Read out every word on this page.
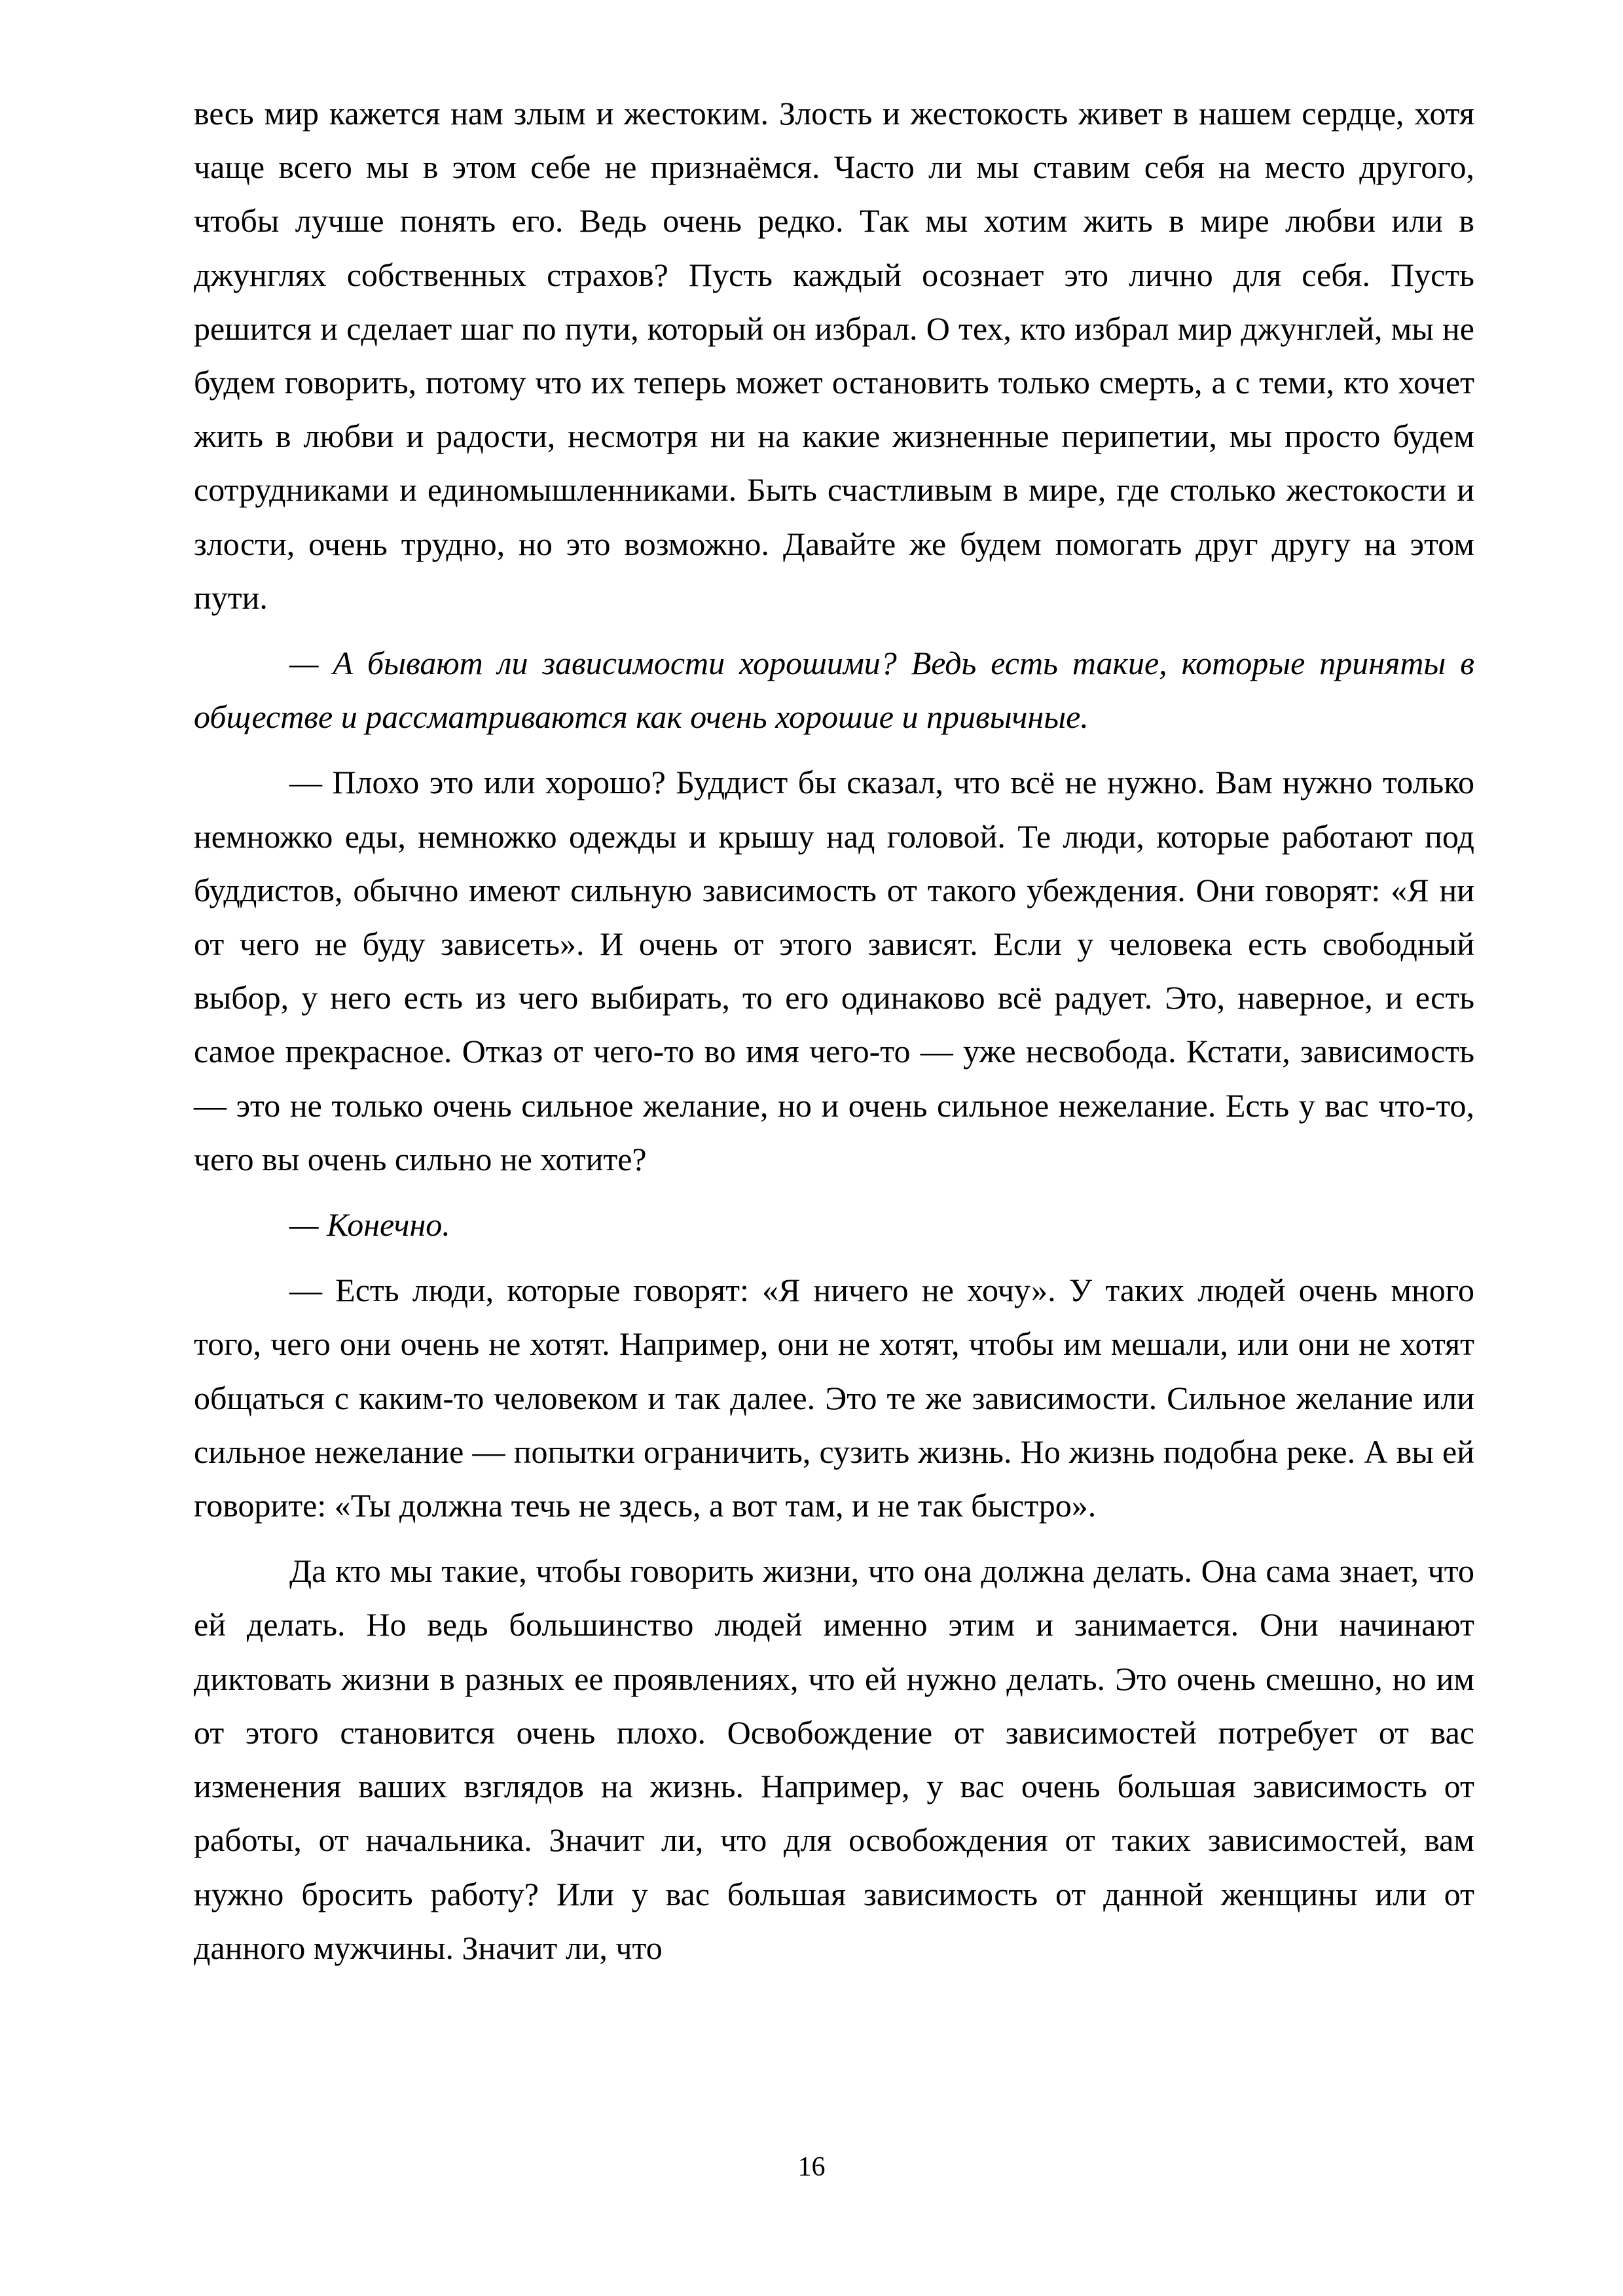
весь мир кажется нам злым и жестоким. Злость и жестокость живет в нашем сердце, хотя чаще всего мы в этом себе не признаёмся. Часто ли мы ставим себя на место другого, чтобы лучше понять его. Ведь очень редко. Так мы хотим жить в мире любви или в джунглях собственных страхов? Пусть каждый осознает это лично для себя. Пусть решится и сделает шаг по пути, который он избрал. О тех, кто избрал мир джунглей, мы не будем говорить, потому что их теперь может остановить только смерть, а с теми, кто хочет жить в любви и радости, несмотря ни на какие жизненные перипетии, мы просто будем сотрудниками и единомышленниками. Быть счастливым в мире, где столько жестокости и злости, очень трудно, но это возможно. Давайте же будем помогать друг другу на этом пути.

— А бывают ли зависимости хорошими? Ведь есть такие, которые приняты в обществе и рассматриваются как очень хорошие и привычные.

— Плохо это или хорошо? Буддист бы сказал, что всё не нужно. Вам нужно только немножко еды, немножко одежды и крышу над головой. Те люди, которые работают под буддистов, обычно имеют сильную зависимость от такого убеждения. Они говорят: «Я ни от чего не буду зависеть». И очень от этого зависят. Если у человека есть свободный выбор, у него есть из чего выбирать, то его одинаково всё радует. Это, наверное, и есть самое прекрасное. Отказ от чего-то во имя чего-то — уже несвобода. Кстати, зависимость — это не только очень сильное желание, но и очень сильное нежелание. Есть у вас что-то, чего вы очень сильно не хотите?

— Конечно.

— Есть люди, которые говорят: «Я ничего не хочу». У таких людей очень много того, чего они очень не хотят. Например, они не хотят, чтобы им мешали, или они не хотят общаться с каким-то человеком и так далее. Это те же зависимости. Сильное желание или сильное нежелание — попытки ограничить, сузить жизнь. Но жизнь подобна реке. А вы ей говорите: «Ты должна течь не здесь, а вот там, и не так быстро».

Да кто мы такие, чтобы говорить жизни, что она должна делать. Она сама знает, что ей делать. Но ведь большинство людей именно этим и занимается. Они начинают диктовать жизни в разных ее проявлениях, что ей нужно делать. Это очень смешно, но им от этого становится очень плохо. Освобождение от зависимостей потребует от вас изменения ваших взглядов на жизнь. Например, у вас очень большая зависимость от работы, от начальника. Значит ли, что для освобождения от таких зависимостей, вам нужно бросить работу? Или у вас большая зависимость от данной женщины или от данного мужчины. Значит ли, что

16
